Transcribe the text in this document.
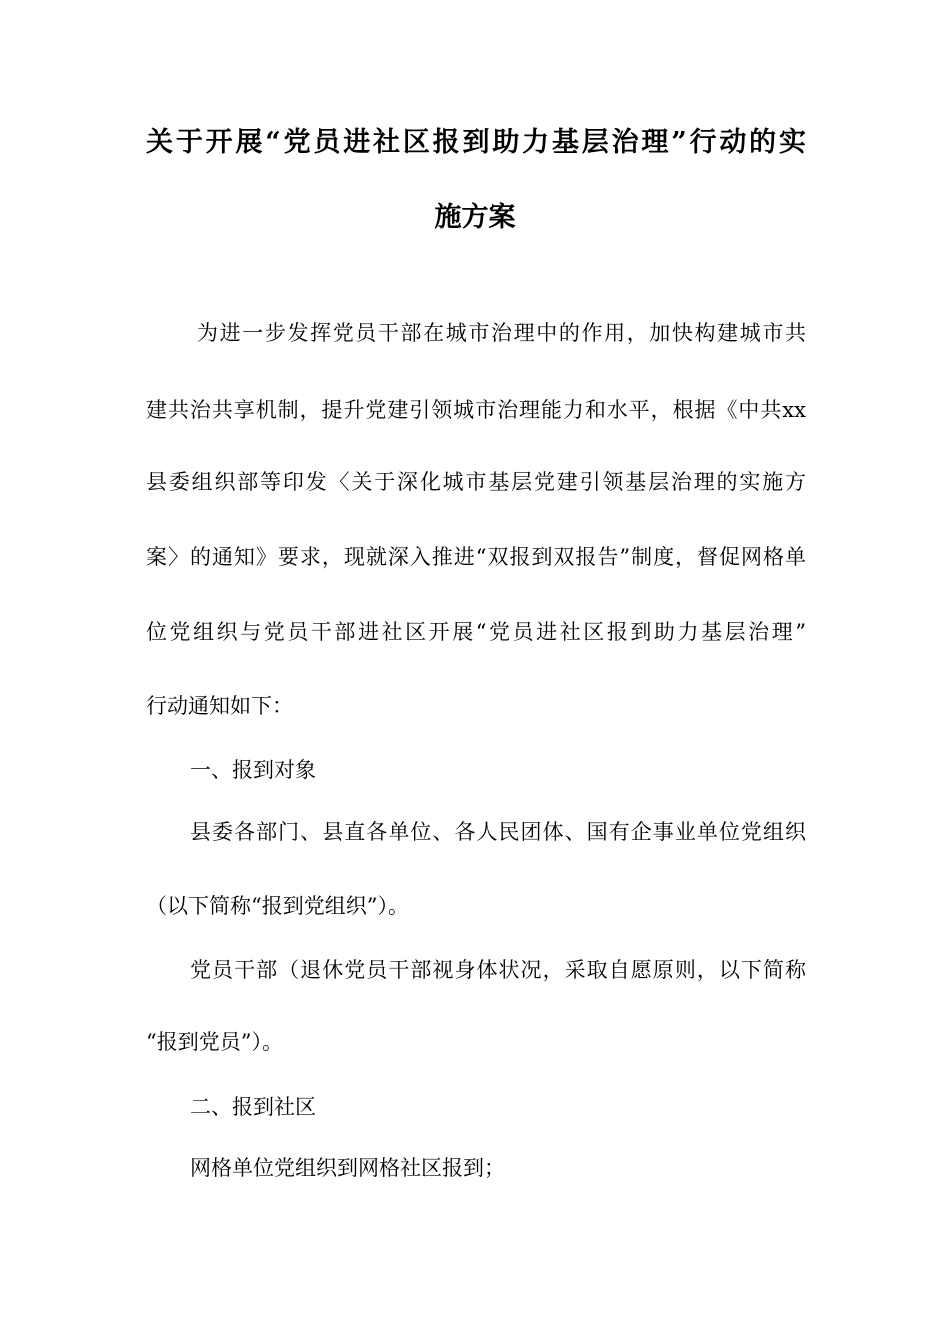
关于开展“党员进社区报到助力基层治理”行动的实
施方案
为进一步发挥党员干部在城市治理中的作用，加快构建城市共
建共治共享机制，提升党建引领城市治理能力和水平，根据《中共xx
县委组织部等印发〈关于深化城市基层党建引领基层治理的实施方
案〉的通知》要求，现就深入推进“双报到双报告”制度，督促网格单
位党组织与党员干部进社区开展“党员进社区报到助力基层治理”
行动通知如下：
一、报到对象
县委各部门、县直各单位、各人民团体、国有企事业单位党组织
（以下简称“报到党组织”）。
党员干部（退休党员干部视身体状况，采取自愿原则，以下简称
“报到党员”）。
二、报到社区
网格单位党组织到网格社区报到；
